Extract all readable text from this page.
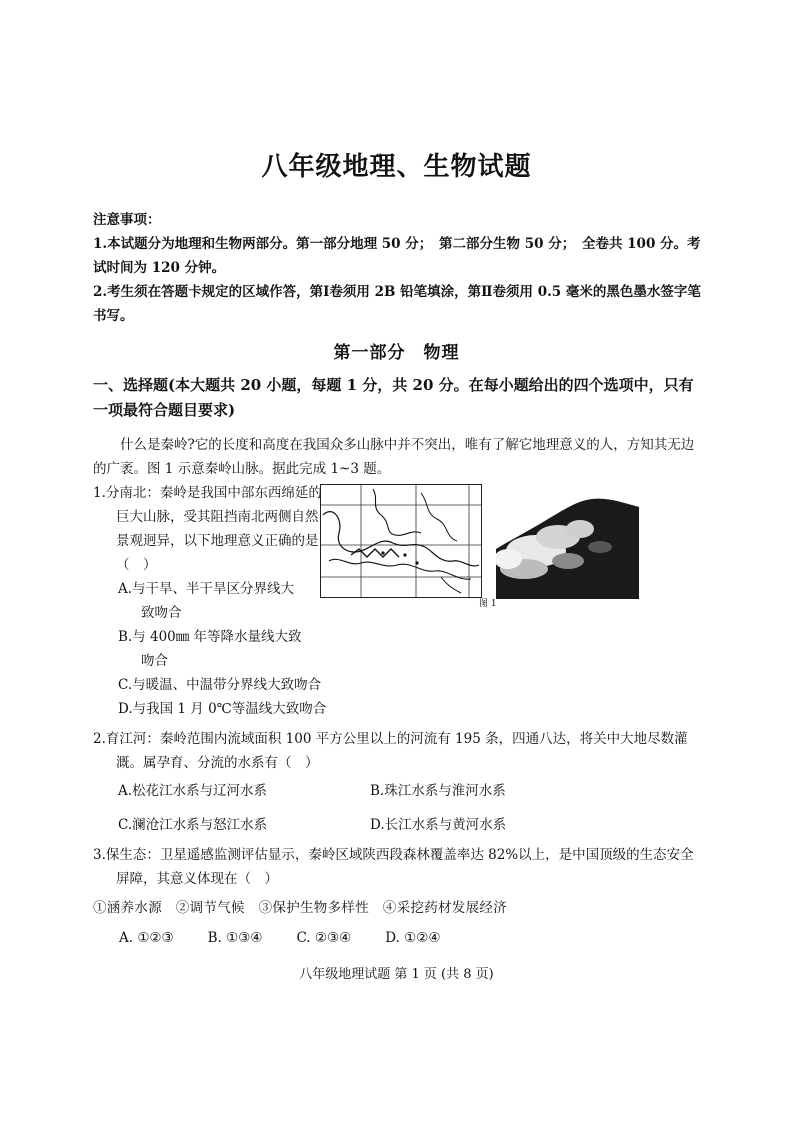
八年级地理、生物试题

注意事项：

1.本试题分为地理和生物两部分。第一部分地理 50 分；　第二部分生物 50 分；　全卷共 100 分。考试时间为 120 分钟。

2.考生须在答题卡规定的区域作答，第Ⅰ卷须用 2B 铅笔填涂，第Ⅱ卷须用 0.5 毫米的黑色墨水签字笔书写。

第一部分　物理
一、选择题(本大题共 20 小题，每题 1 分，共 20 分。在每小题给出的四个选项中，只有一项最符合题目要求)

什么是秦岭?它的长度和高度在我国众多山脉中并不突出，唯有了解它地理意义的人，方知其无边的广袤。图 1 示意秦岭山脉。据此完成 1~3 题。

1.分南北：秦岭是我国中部东西绵延的巨大山脉，受其阻挡南北两侧自然景观迥异，以下地理意义正确的是（　）

A.与干旱、半干旱区分界线大

致吻合

B.与 400㎜ 年等降水量线大致

吻合

C.与暖温、中温带分界线大致吻合

D.与我国 1 月 0℃等温线大致吻合

图 1

2.育江河：秦岭范围内流域面积 100 平方公里以上的河流有 195 条，四通八达，将关中大地尽数灌溉。属孕育、分流的水系有（　）

A.松花江水系与辽河水系	B.珠江水系与淮河水系
C.澜沧江水系与怒江水系	D.长江水系与黄河水系

3.保生态：卫星遥感监测评估显示，秦岭区域陕西段森林覆盖率达 82%以上，是中国顶级的生态安全屏障，其意义体现在（　）

①涵养水源　②调节气候　③保护生物多样性　④采挖药材发展经济

A. ①②③	B. ①③④	C. ②③④	D. ①②④
八年级地理试题 第 1 页 (共 8 页)
